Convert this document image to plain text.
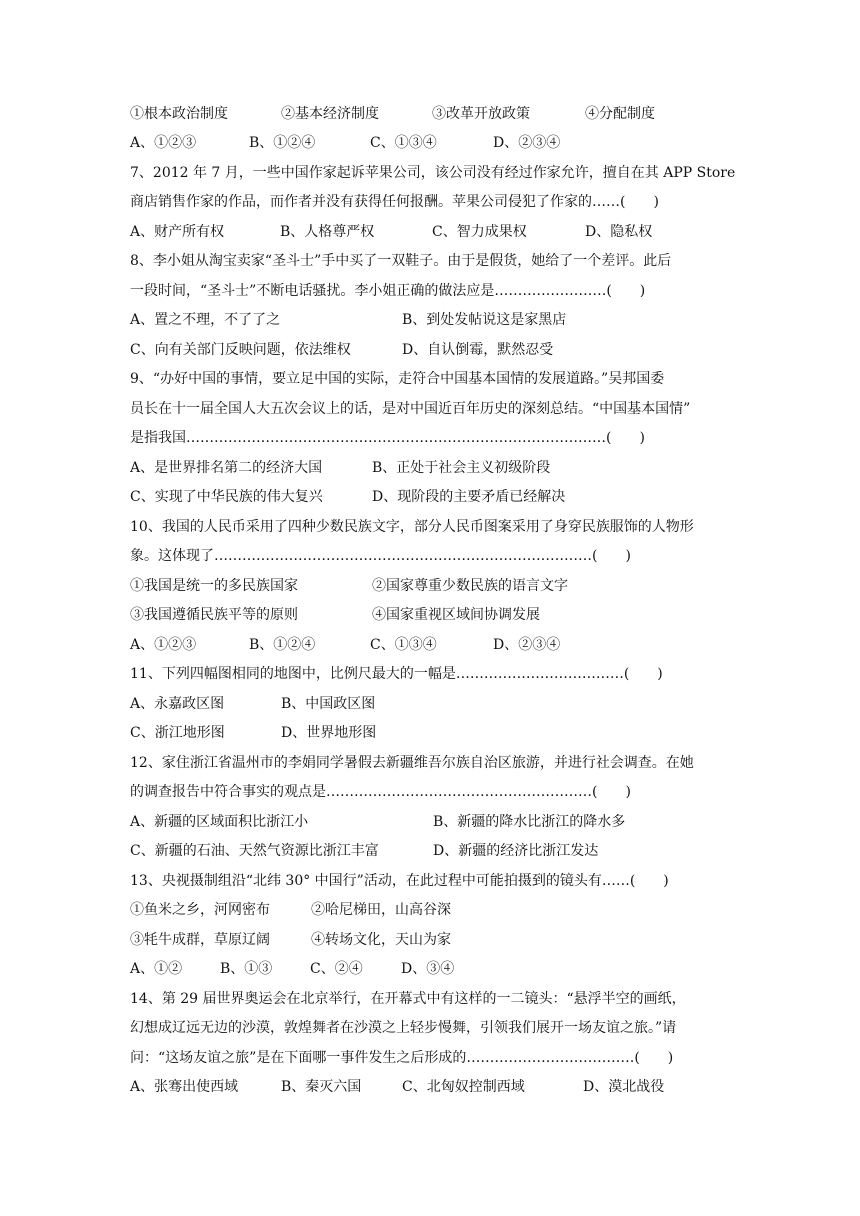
①根本政治制度	②基本经济制度	③改革开放政策	④分配制度
A、①②③	B、①②④	C、①③④	D、②③④
7、2012 年 7 月，一些中国作家起诉苹果公司，该公司没有经过作家允许，擅自在其 APP Store
商店销售作家的作品，而作者并没有获得任何报酬。苹果公司侵犯了作家的……(　　)
A、财产所有权	B、人格尊严权	C、智力成果权	D、隐私权
8、李小姐从淘宝卖家“圣斗士”手中买了一双鞋子。由于是假货，她给了一个差评。此后
一段时间，“圣斗士”不断电话骚扰。李小姐正确的做法应是……………………(　　)
A、置之不理，不了了之	B、到处发帖说这是家黑店
C、向有关部门反映问题，依法维权	D、自认倒霉，默然忍受
9、“办好中国的事情，要立足中国的实际，走符合中国基本国情的发展道路。”吴邦国委
员长在十一届全国人大五次会议上的话，是对中国近百年历史的深刻总结。“中国基本国情”
是指我国………………………………………………………………………………(　　)
A、是世界排名第二的经济大国	B、正处于社会主义初级阶段
C、实现了中华民族的伟大复兴	D、现阶段的主要矛盾已经解决
10、我国的人民币采用了四种少数民族文字，部分人民币图案采用了身穿民族服饰的人物形
象。这体现了………………………………………………………………………(　　)
①我国是统一的多民族国家	②国家尊重少数民族的语言文字
③我国遵循民族平等的原则	④国家重视区域间协调发展
A、①②③	B、①②④	C、①③④	D、②③④
11、下列四幅图相同的地图中，比例尺最大的一幅是………………………………(　　)
A、永嘉政区图	B、中国政区图
C、浙江地形图	D、世界地形图
12、家住浙江省温州市的李娟同学暑假去新疆维吾尔族自治区旅游，并进行社会调查。在她
的调查报告中符合事实的观点是…………………………………………………(　　)
A、新疆的区域面积比浙江小	B、新疆的降水比浙江的降水多
C、新疆的石油、天然气资源比浙江丰富	D、新疆的经济比浙江发达
13、央视摄制组沿“北纬 30° 中国行”活动，在此过程中可能拍摄到的镜头有……(　　)
①鱼米之乡，河网密布	②哈尼梯田，山高谷深
③牦牛成群，草原辽阔	④转场文化，天山为家
A、①②	B、①③	C、②④	D、③④
14、第 29 届世界奥运会在北京举行，在开幕式中有这样的一二镜头：“悬浮半空的画纸，
幻想成辽远无边的沙漠，敦煌舞者在沙漠之上轻步慢舞，引领我们展开一场友谊之旅。”请
问：“这场友谊之旅”是在下面哪一事件发生之后形成的………………………………(　　)
A、张骞出使西域	B、秦灭六国	C、北匈奴控制西域	D、漠北战役
